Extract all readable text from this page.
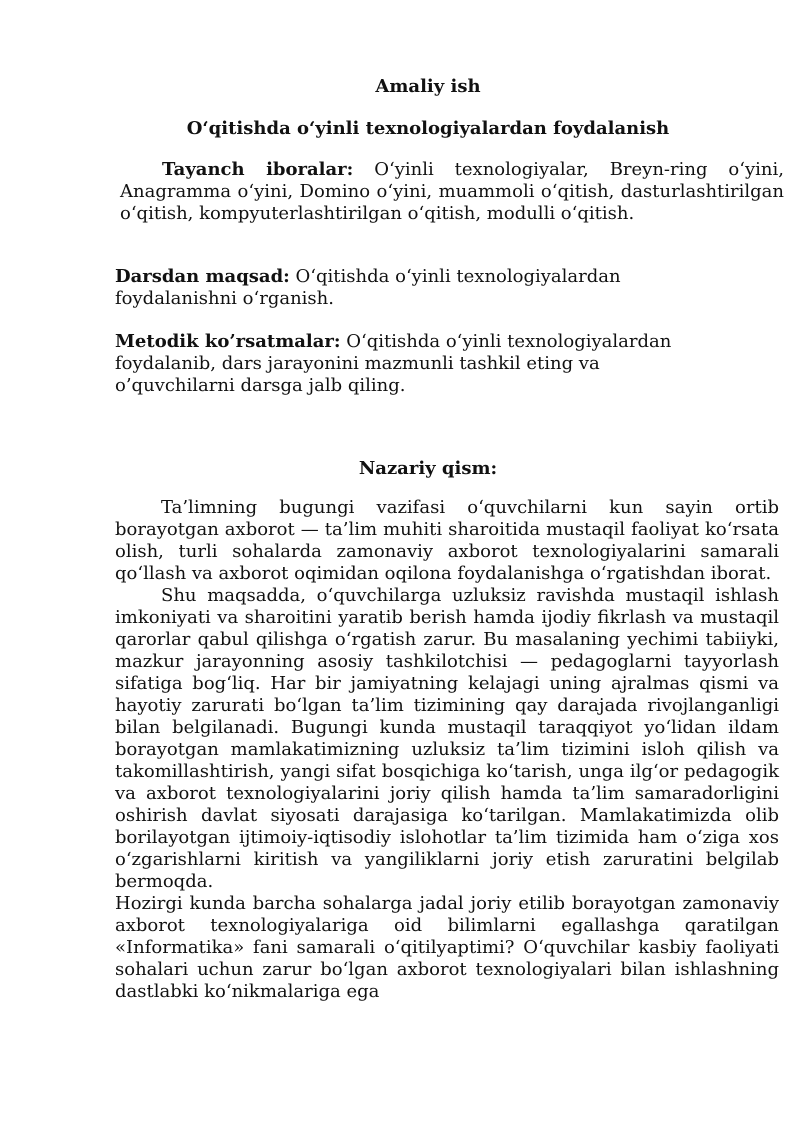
Amaliy ish
O‘qitishda o‘yinli texnologiyalardan foydalanish

Tayanch iboralar: O‘yinli texnologiyalar, Breyn-ring o‘yini, Anagramma o‘yini, Domino o‘yini, muammoli o‘qitish, dasturlashtirilgan o‘qitish, kompyuterlashtirilgan o‘qitish, modulli o‘qitish.

Darsdan maqsad: O‘qitishda o‘yinli texnologiyalardan foydalanishni o‘rganish.

Metodik ko’rsatmalar: O‘qitishda o‘yinli texnologiyalardan foydalanib, dars jarayonini mazmunli tashkil eting va o’quvchilarni darsga jalb qiling.

Nazariy qism:

Ta’limning bugungi vazifasi o‘quvchilarni kun sayin ortib borayotgan axborot — ta’lim muhiti sharoitida mustaqil faoliyat ko‘rsata olish, turli sohalarda zamonaviy axborot texnologiyalarini samarali qo‘llash va axborot oqimidan oqilona foydalanishga o‘rgatishdan iborat.

Shu maqsadda, o‘quvchilarga uzluksiz ravishda mustaqil ishlash imkoniyati va sharoitini yaratib berish hamda ijodiy fikrlash va mustaqil qarorlar qabul qilishga o‘rgatish zarur. Bu masalaning yechimi tabiiyki, mazkur jarayonning asosiy tashkilotchisi — pedagoglarni tayyorlash sifatiga bog‘liq. Har bir jamiyatning kelajagi uning ajralmas qismi va hayotiy zarurati bo‘lgan ta’lim tizimining qay darajada rivojlanganligi bilan belgilanadi. Bugungi kunda mustaqil taraqqiyot yo‘lidan ildam borayotgan mamlakatimizning uzluksiz ta’lim tizimini isloh qilish va takomillashtirish, yangi sifat bosqichiga ko‘tarish, unga ilg‘or pedagogik va axborot texnologiyalarini joriy qilish hamda ta’lim samaradorligini oshirish davlat siyosati darajasiga ko‘tarilgan. Mamlakatimizda olib borilayotgan ijtimoiy-iqtisodiy islohotlar ta’lim tizimida ham o‘ziga xos o‘zgarishlarni kiritish va yangiliklarni joriy etish zaruratini belgilab bermoqda.

Hozirgi kunda barcha sohalarga jadal joriy etilib borayotgan zamonaviy axborot texnologiyalariga oid bilimlarni egallashga qaratilgan «Informatika» fani samarali o‘qitilyaptimi? O‘quvchilar kasbiy faoliyati sohalari uchun zarur bo‘lgan axborot texnologiyalari bilan ishlashning dastlabki ko‘nikmalariga ega
